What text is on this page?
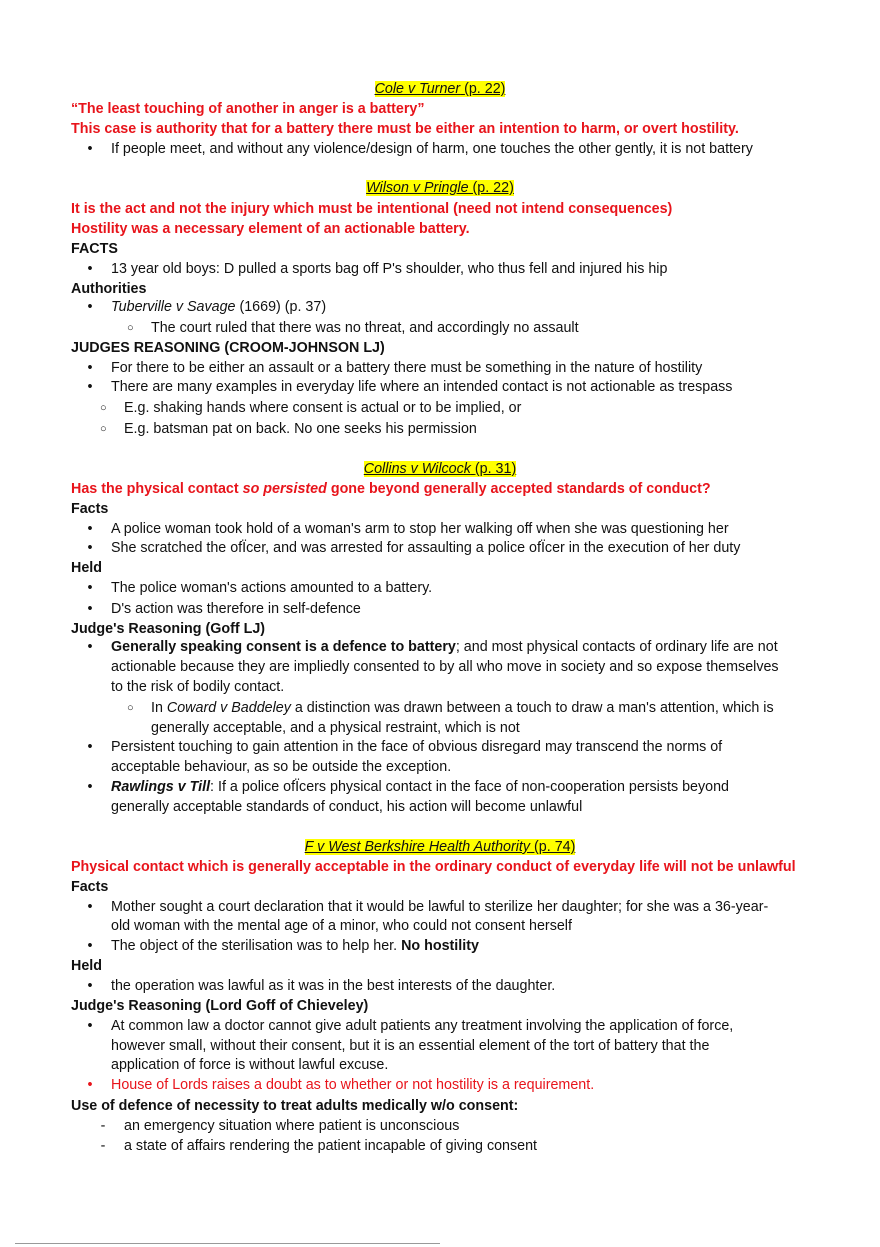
Cole v Turner (p. 22)
“The least touching of another in anger is a battery”
This case is authority that for a battery there must be either an intention to harm, or overt hostility.
• If people meet, and without any violence/design of harm, one touches the other gently, it is not battery
Wilson v Pringle (p. 22)
It is the act and not the injury which must be intentional (need not intend consequences)
Hostility was a necessary element of an actionable battery.
FACTS
• 13 year old boys: D pulled a sports bag off P's shoulder, who thus fell and injured his hip
Authorities
• Tuberville v Savage (1669) (p. 37)
○ The court ruled that there was no threat, and accordingly no assault
JUDGES REASONING (CROOM-JOHNSON LJ)
• For there to be either an assault or a battery there must be something in the nature of hostility
• There are many examples in everyday life where an intended contact is not actionable as trespass
○ E.g. shaking hands where consent is actual or to be implied, or
○ E.g. batsman pat on back. No one seeks his permission
Collins v Wilcock (p. 31)
Has the physical contact so persisted gone beyond generally accepted standards of conduct?
Facts
• A police woman took hold of a woman's arm to stop her walking off when she was questioning her
• She scratched the ofÏcer, and was arrested for assaulting a police ofÏcer in the execution of her duty
Held
• The police woman's actions amounted to a battery.
• D's action was therefore in self-defence
Judge's Reasoning (Goff LJ)
• Generally speaking consent is a defence to battery; and most physical contacts of ordinary life are not
actionable because they are impliedly consented to by all who move in society and so expose themselves
to the risk of bodily contact.
○ In Coward v Baddeley a distinction was drawn between a touch to draw a man's attention, which is
generally acceptable, and a physical restraint, which is not
• Persistent touching to gain attention in the face of obvious disregard may transcend the norms of
acceptable behaviour, as so be outside the exception.
• Rawlings v Till: If a police ofÏcers physical contact in the face of non-cooperation persists beyond
generally acceptable standards of conduct, his action will become unlawful
F v West Berkshire Health Authority (p. 74)
Physical contact which is generally acceptable in the ordinary conduct of everyday life will not be unlawful
Facts
• Mother sought a court declaration that it would be lawful to sterilize her daughter; for she was a 36-year-
old woman with the mental age of a minor, who could not consent herself
• The object of the sterilisation was to help her. No hostility
Held
• the operation was lawful as it was in the best interests of the daughter.
Judge's Reasoning (Lord Goff of Chieveley)
• At common law a doctor cannot give adult patients any treatment involving the application of force,
however small, without their consent, but it is an essential element of the tort of battery that the
application of force is without lawful excuse.
• House of Lords raises a doubt as to whether or not hostility is a requirement.
Use of defence of necessity to treat adults medically w/o consent:
- an emergency situation where patient is unconscious
- a state of affairs rendering the patient incapable of giving consent
